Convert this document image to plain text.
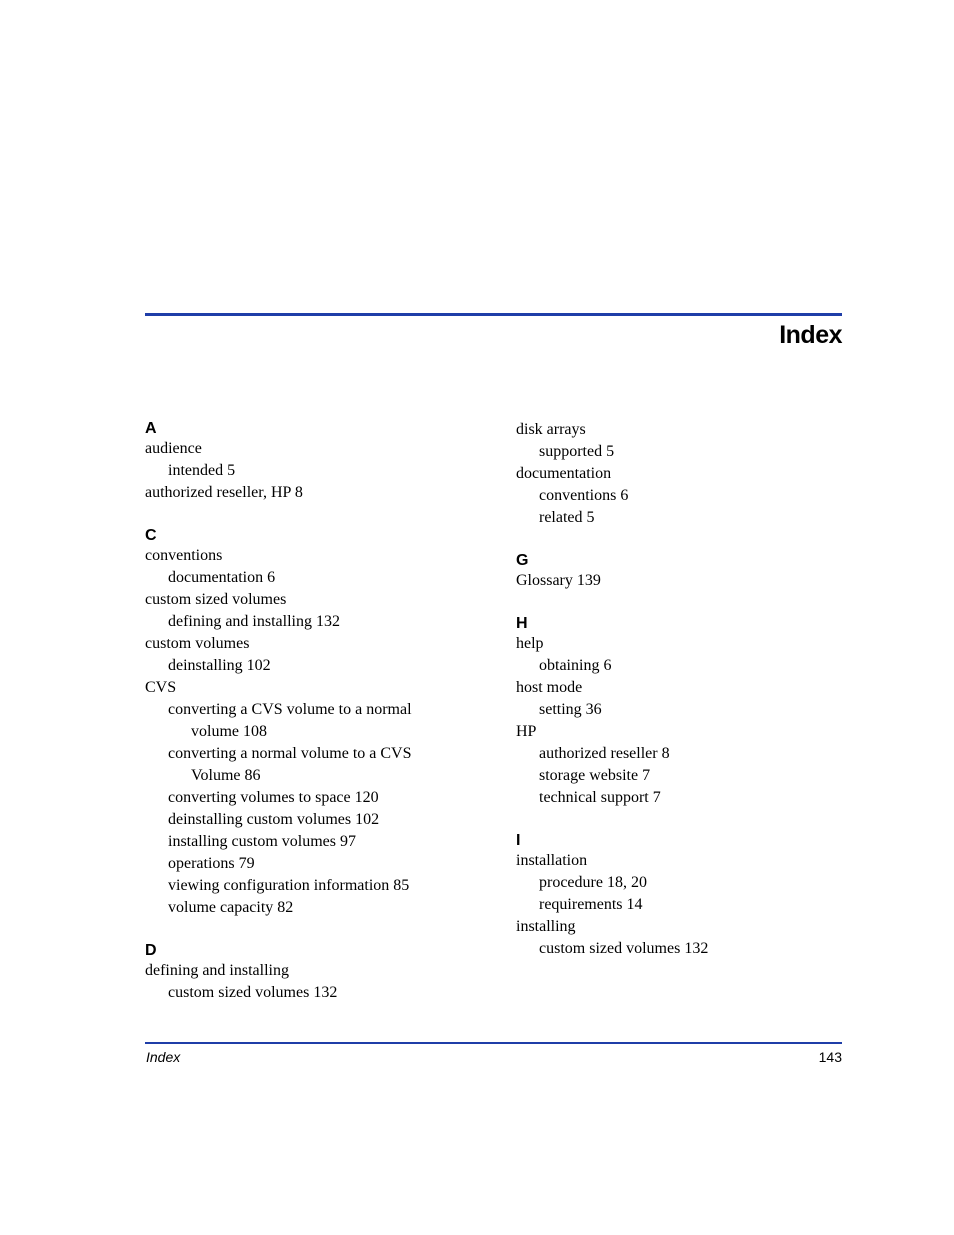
Index
A
audience
intended 5
authorized reseller, HP 8
C
conventions
documentation 6
custom sized volumes
defining and installing 132
custom volumes
deinstalling 102
CVS
converting a CVS volume to a normal
volume 108
converting a normal volume to a CVS
Volume 86
converting volumes to space 120
deinstalling custom volumes 102
installing custom volumes 97
operations 79
viewing configuration information 85
volume capacity 82
D
defining and installing
custom sized volumes 132
disk arrays
supported 5
documentation
conventions 6
related 5
G
Glossary 139
H
help
obtaining 6
host mode
setting 36
HP
authorized reseller 8
storage website 7
technical support 7
I
installation
procedure 18, 20
requirements 14
installing
custom sized volumes 132
Index	143
